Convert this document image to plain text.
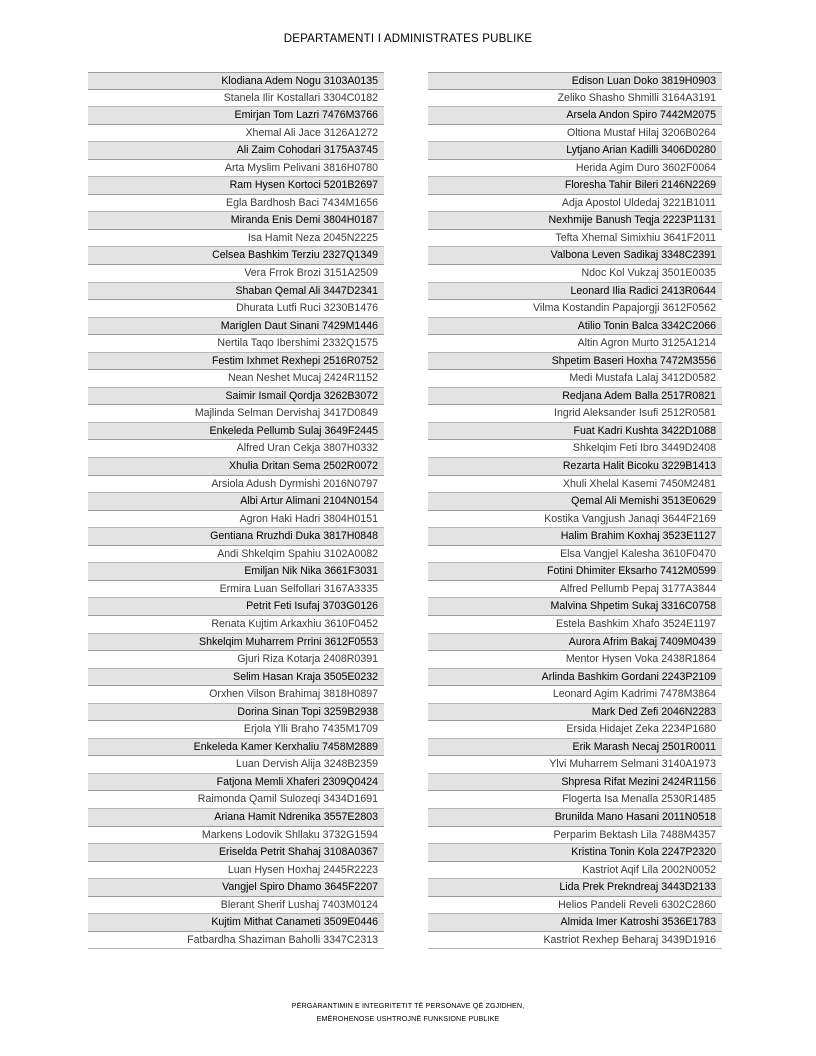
DEPARTAMENTI I ADMINISTRATES PUBLIKE
Klodiana Adem Nogu 3103A0135
Stanela Ilir Kostallari 3304C0182
Emirjan Tom Lazri 7476M3766
Xhemal Ali Jace 3126A1272
Ali Zaim Cohodari 3175A3745
Arta Myslim Pelivani 3816H0780
Ram Hysen Kortoci 5201B2697
Egla Bardhosh Baci 7434M1656
Miranda Enis Demi 3804H0187
Isa Hamit Neza 2045N2225
Celsea Bashkim Terziu 2327Q1349
Vera Frrok Brozi 3151A2509
Shaban Qemal Ali 3447D2341
Dhurata Lutfi Ruci 3230B1476
Mariglen Daut Sinani 7429M1446
Nertila Taqo Ibershimi 2332Q1575
Festim Ixhmet Rexhepi 2516R0752
Nean Neshet Mucaj 2424R1152
Saimir Ismail Qordja 3262B3072
Majlinda Selman Dervishaj 3417D0849
Enkeleda Pellumb Sulaj 3649F2445
Alfred Uran Cekja 3807H0332
Xhulia Dritan Sema 2502R0072
Arsiola Adush Dyrmishi 2016N0797
Albi Artur Alimani 2104N0154
Agron Haki Hadri 3804H0151
Gentiana Rruzhdi Duka 3817H0848
Andi Shkelqim Spahiu 3102A0082
Emiljan Nik Nika 3661F3031
Ermira Luan Selfollari 3167A3335
Petrit Feti Isufaj 3703G0126
Renata Kujtim Arkaxhiu 3610F0452
Shkelqim Muharrem Prrini 3612F0553
Gjuri Riza Kotarja 2408R0391
Selim Hasan Kraja 3505E0232
Orxhen Vilson Brahimaj 3818H0897
Dorina Sinan Topi 3259B2938
Erjola Ylli Braho 7435M1709
Enkeleda Kamer Kerxhaliu 7458M2889
Luan Dervish Alija 3248B2359
Fatjona Memli Xhaferi 2309Q0424
Raimonda Qamil Sulozeqi 3434D1691
Ariana Hamit Ndrenika 3557E2803
Markens Lodovik Shllaku 3732G1594
Eriselda Petrit Shahaj 3108A0367
Luan Hysen Hoxhaj 2445R2223
Vangjel Spiro Dhamo 3645F2207
Blerant Sherif Lushaj 7403M0124
Kujtim Mithat Canameti 3509E0446
Fatbardha Shaziman Baholli 3347C2313
Edison Luan Doko 3819H0903
Zeliko Shasho Shmilli 3164A3191
Arsela Andon Spiro 7442M2075
Oltiona Mustaf Hilaj 3206B0264
Lytjano Arian Kadilli 3406D0280
Herida Agim Duro 3602F0064
Floresha Tahir Bileri 2146N2269
Adja Apostol Uldedaj 3221B1011
Nexhmije Banush Teqja 2223P1131
Tefta Xhemal Simixhiu 3641F2011
Valbona Leven Sadikaj 3348C2391
Ndoc Kol Vukzaj 3501E0035
Leonard Ilia Radici 2413R0644
Vilma Kostandin Papajorgji 3612F0562
Atilio Tonin Balca 3342C2066
Altin Agron Murto 3125A1214
Shpetim Baseri Hoxha 7472M3556
Medi Mustafa Lalaj 3412D0582
Redjana Adem Balla 2517R0821
Ingrid Aleksander Isufi 2512R0581
Fuat Kadri Kushta 3422D1088
Shkelqim Feti Ibro 3449D2408
Rezarta Halit Bicoku 3229B1413
Xhuli Xhelal Kasemi 7450M2481
Qemal Ali Memishi 3513E0629
Kostika Vangjush Janaqi 3644F2169
Halim Brahim Koxhaj 3523E1127
Elsa Vangjel Kalesha 3610F0470
Fotini Dhimiter Eksarho 7412M0599
Alfred Pellumb Pepaj 3177A3844
Malvina Shpetim Sukaj 3316C0758
Estela Bashkim Xhafo 3524E1197
Aurora Afrim Bakaj 7409M0439
Mentor Hysen Voka 2438R1864
Arlinda Bashkim Gordani 2243P2109
Leonard Agim Kadrimi 7478M3864
Mark Ded Zefi 2046N2283
Ersida Hidajet Zeka 2234P1680
Erik Marash Necaj 2501R0011
Ylvi Muharrem Selmani 3140A1973
Shpresa Rifat Mezini 2424R1156
Flogerta Isa Menalla 2530R1485
Brunilda Mano Hasani 2011N0518
Perparim Bektash Lila 7488M4357
Kristina Tonin Kola 2247P2320
Kastriot Aqif Lila 2002N0052
Lida Prek Prekndreaj 3443D2133
Helios Pandeli Reveli 6302C2860
Almida Imer Katroshi 3536E1783
Kastriot Rexhep Beharaj 3439D1916
PËRGARANTIMIN E INTEGRITETIT TË PERSONAVE QË ZGJIDHEN,
EMËROHENOSE USHTROJNË FUNKSIONE PUBLIKE
